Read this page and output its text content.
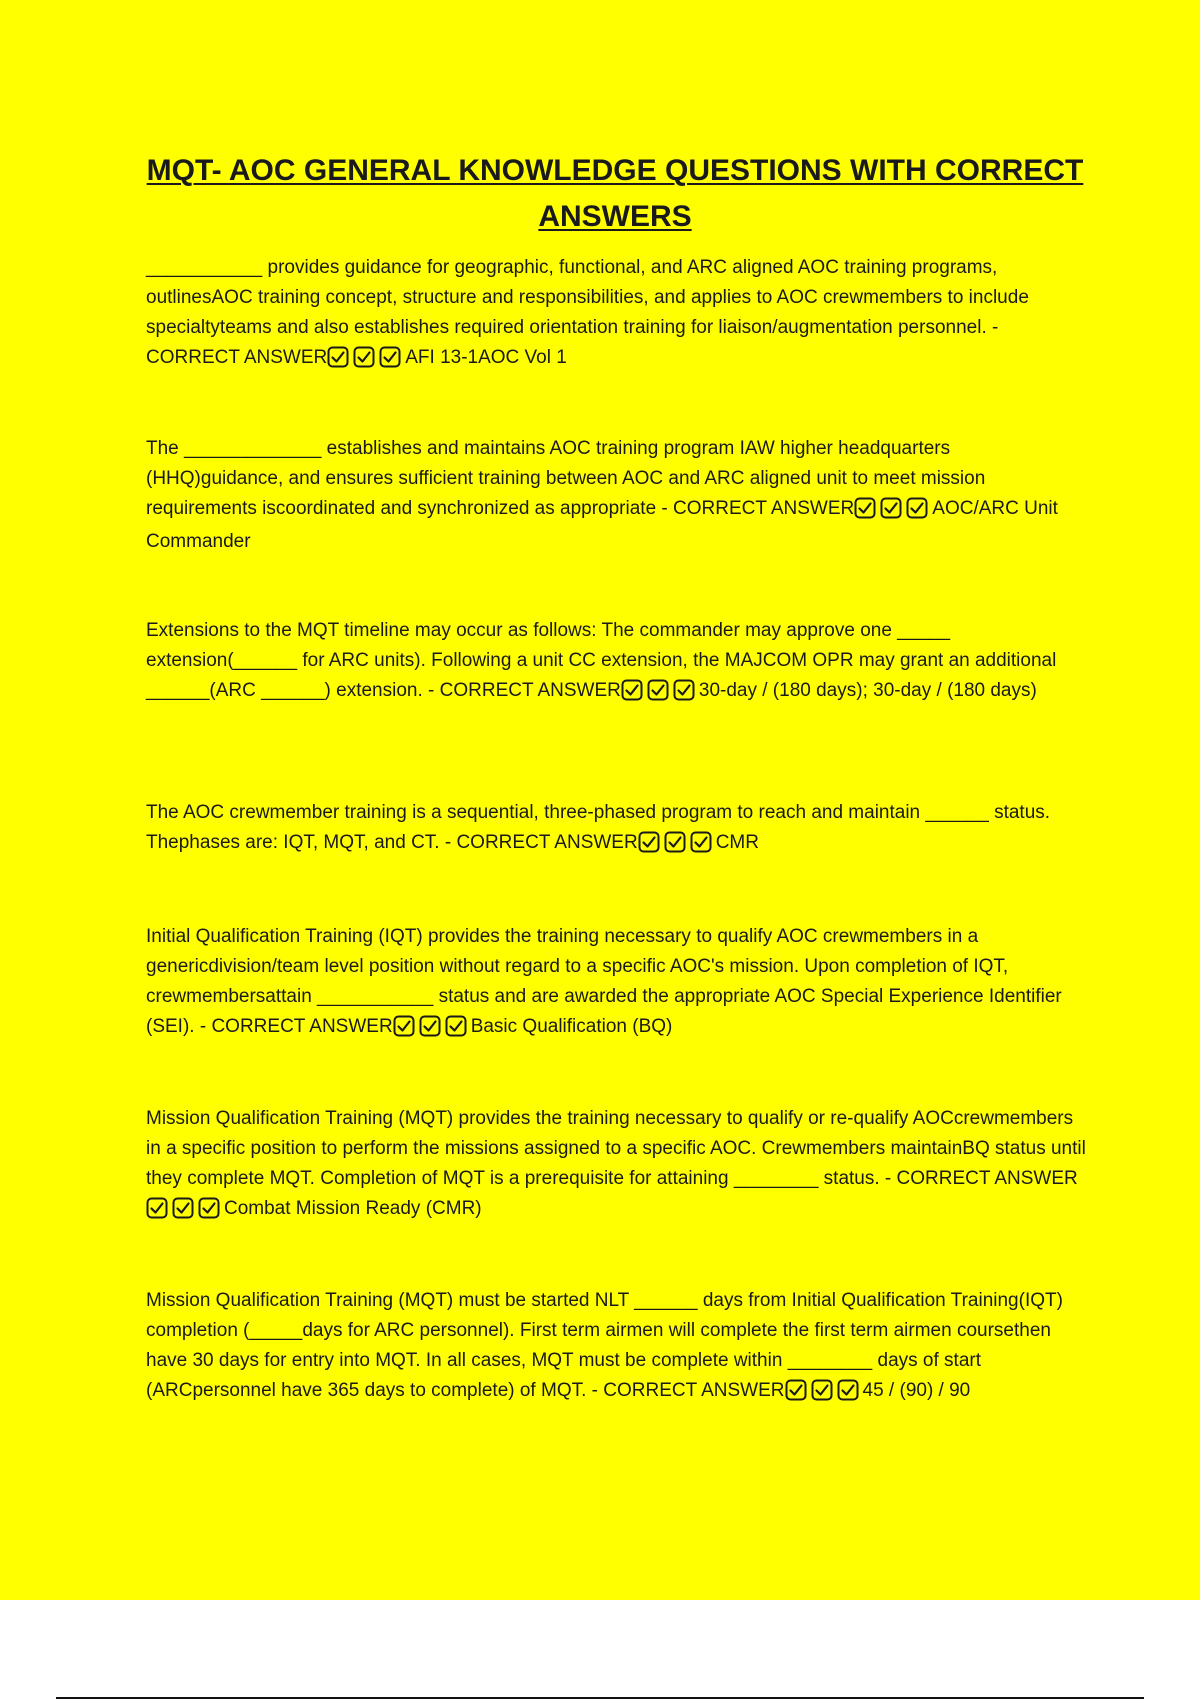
MQT- AOC GENERAL KNOWLEDGE QUESTIONS WITH CORRECT ANSWERS

___________ provides guidance for geographic, functional, and ARC aligned AOC training programs, outlinesAOC training concept, structure and responsibilities, and applies to AOC crewmembers to include specialtyteams and also establishes required orientation training for liaison/augmentation personnel. - CORRECT ANSWER	AFI 13-1AOC Vol 1

The _____________ establishes and maintains AOC training program IAW higher headquarters (HHQ)guidance, and ensures sufficient training between AOC and ARC aligned unit to meet mission requirements iscoordinated and synchronized as appropriate - CORRECT ANSWER	AOC/ARC Unit Commander

Extensions to the MQT timeline may occur as follows: The commander may approve one _____ extension(______ for ARC units). Following a unit CC extension, the MAJCOM OPR may grant an additional ______(ARC ______) extension. - CORRECT ANSWER	30-day / (180 days); 30-day / (180 days)

The AOC crewmember training is a sequential, three-phased program to reach and maintain ______ status. Thephases are: IQT, MQT, and CT. - CORRECT ANSWER	CMR

Initial Qualification Training (IQT) provides the training necessary to qualify AOC crewmembers in a genericdivision/team level position without regard to a specific AOC's mission. Upon completion of IQT, crewmembersattain ___________ status and are awarded the appropriate AOC Special Experience Identifier (SEI). - CORRECT ANSWER	Basic Qualification (BQ)

Mission Qualification Training (MQT) provides the training necessary to qualify or re-qualify AOCcrewmembers in a specific position to perform the missions assigned to a specific AOC. Crewmembers maintainBQ status until they complete MQT. Completion of MQT is a prerequisite for attaining ________ status. - CORRECT ANSWER
Combat Mission Ready (CMR)

Mission Qualification Training (MQT) must be started NLT ______ days from Initial Qualification Training(IQT) completion (_____days for ARC personnel). First term airmen will complete the first term airmen coursethen have 30 days for entry into MQT. In all cases, MQT must be complete within ________ days of start (ARCpersonnel have 365 days to complete) of MQT. - CORRECT ANSWER	45 / (90) / 90
